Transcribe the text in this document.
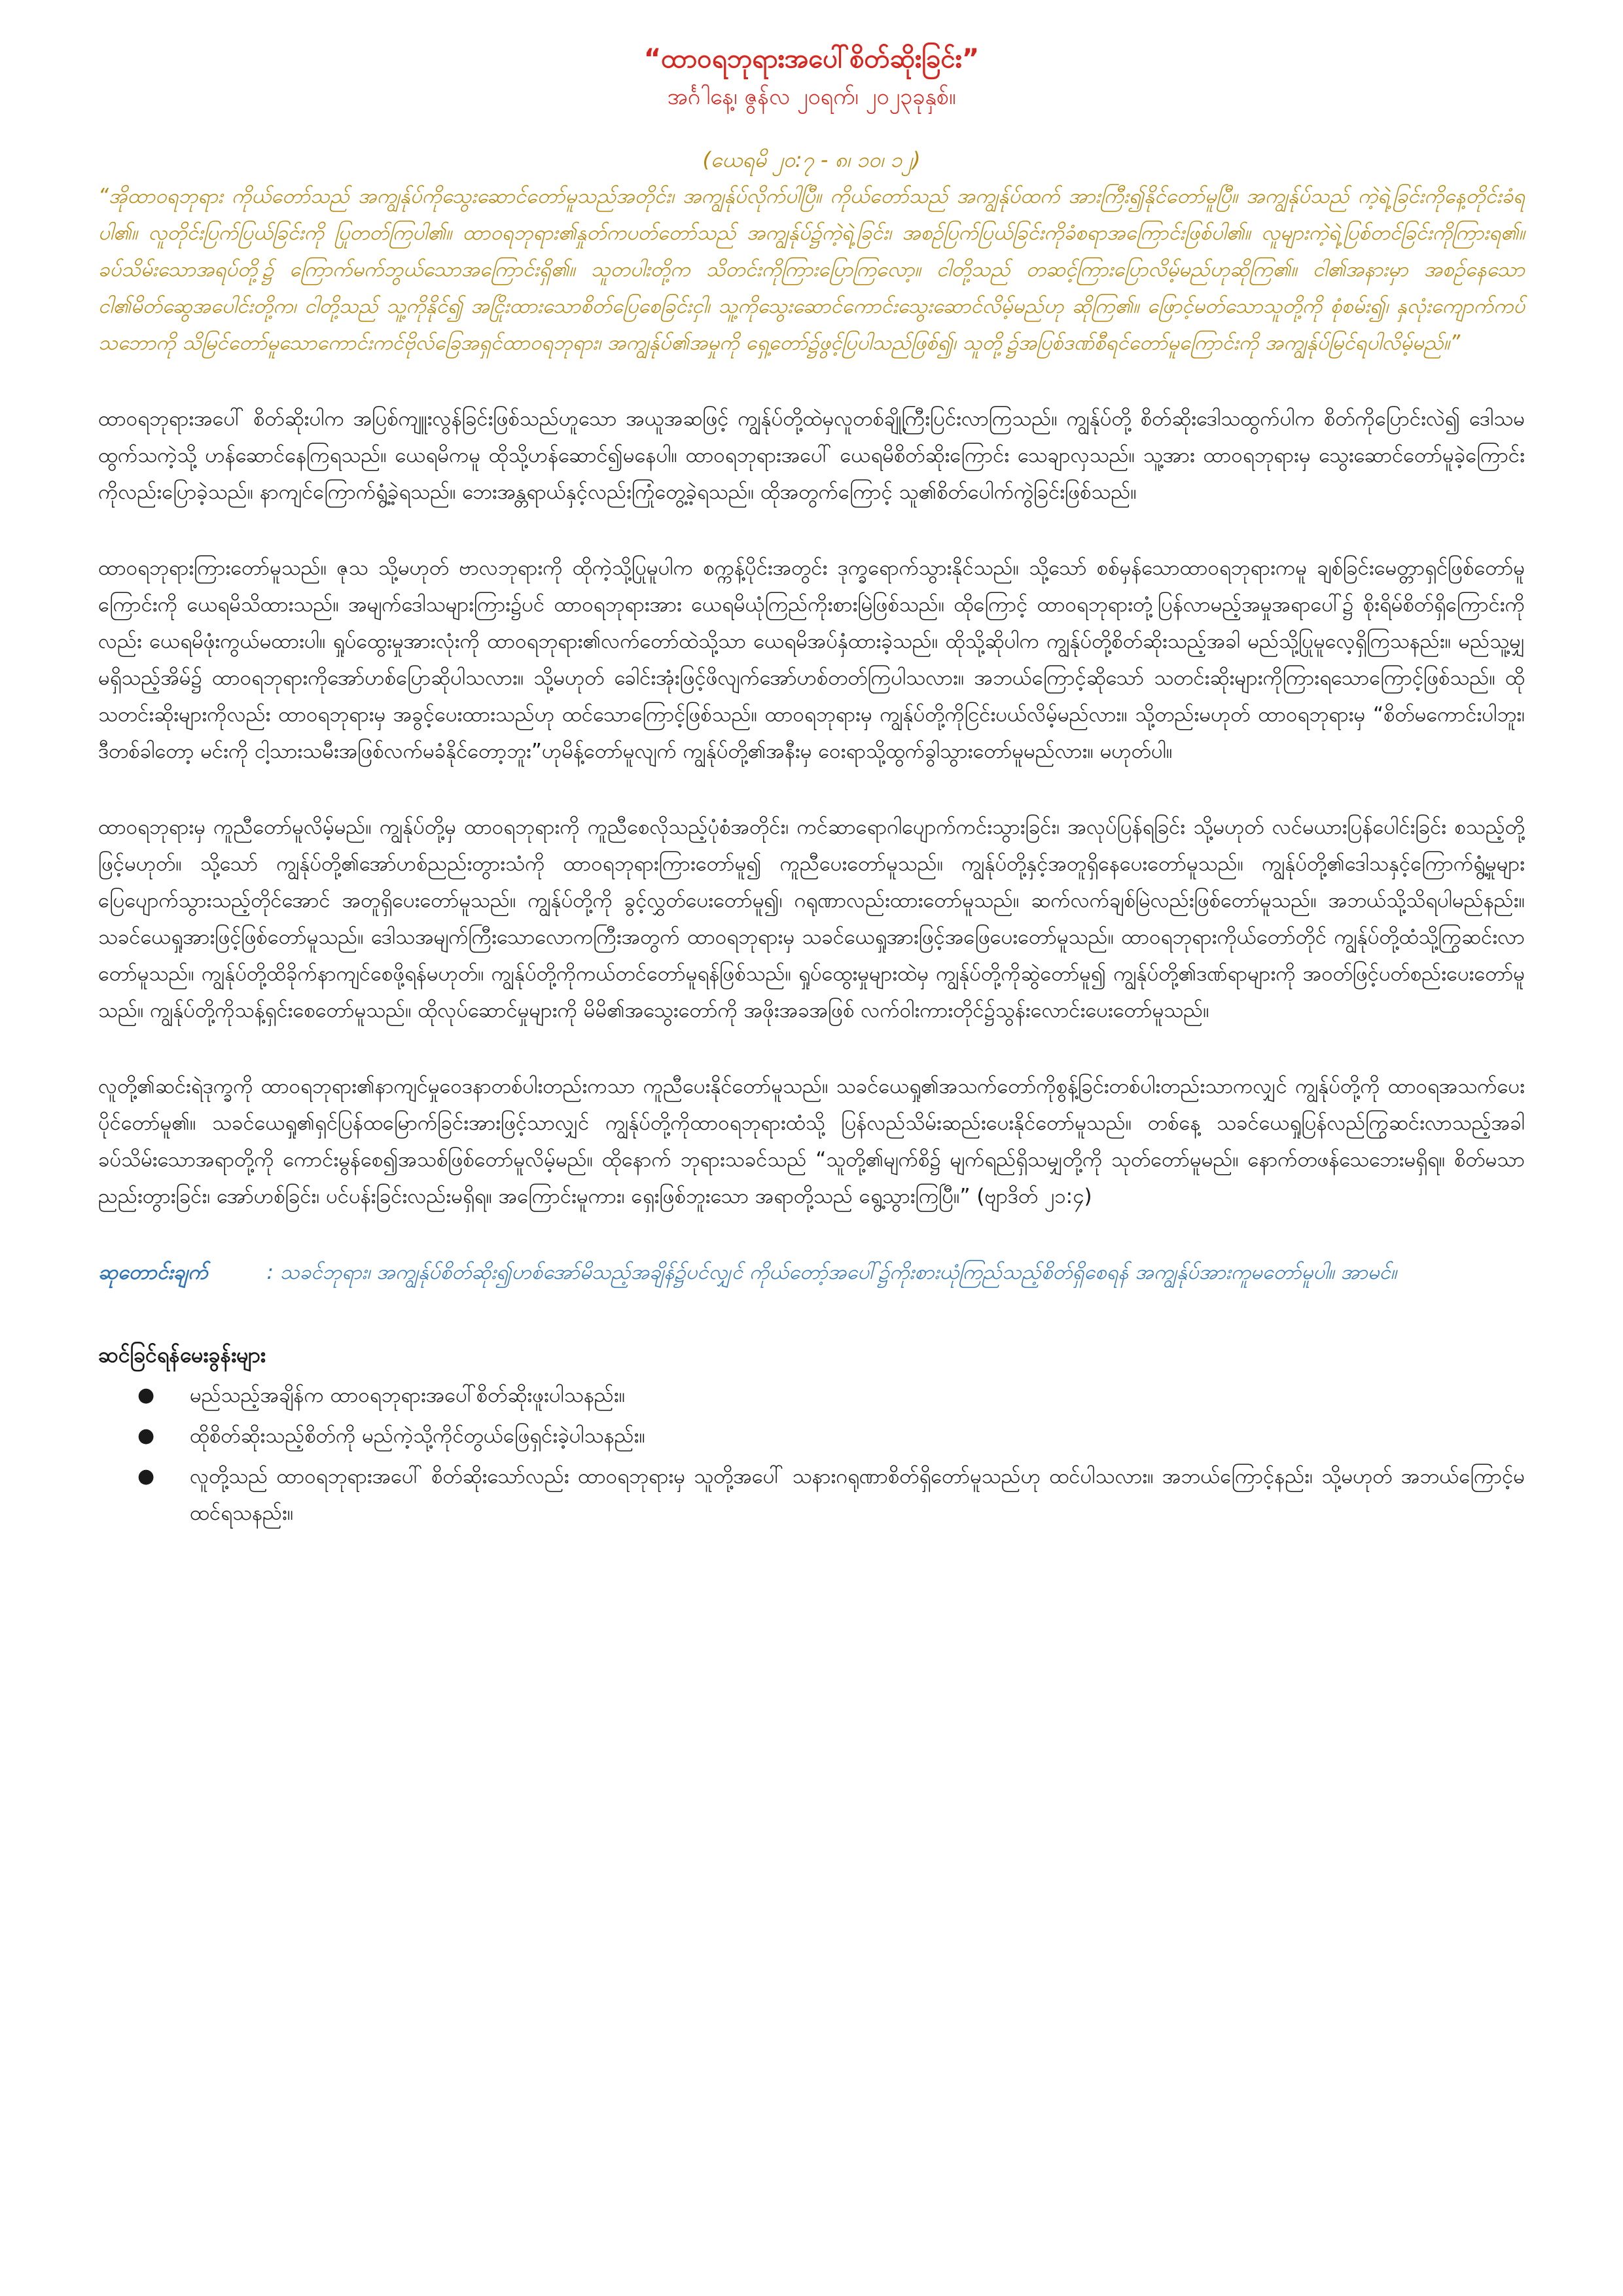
“ထာဝရဘုရားအပေါ်စိတ်ဆိုးခြင်း”

အင်္ဂါနေ့၊ ဇွန်လ ၂၀ရက်၊ ၂၀၂၃ခုနှစ်။

(ယေရမိ ၂၀:၇ - ၈၊ ၁၀၊ ၁၂)

“အိုထာဝရဘုရား ကိုယ်တော်သည် အကျွန်ုပ်ကိုသွေးဆောင်တော်မူသည်အတိုင်း၊ အကျွန်ုပ်လိုက်ပါပြီ။ ကိုယ်တော်သည် အကျွန်ုပ်ထက် အားကြီး၍နိုင်တော်မူပြီ။ အကျွန်ုပ်သည် ကဲ့ရဲ့ခြင်းကိုနေ့တိုင်းခံရပါ၏။ လူတိုင်းပြက်ပြယ်ခြင်းကို ပြုတတ်ကြပါ၏။ ထာဝရဘုရား၏နှုတ်ကပတ်တော်သည် အကျွန်ုပ်၌ကဲ့ရဲ့ခြင်း၊ အစဉ်ပြက်ပြယ်ခြင်းကိုခံစရာအကြောင်းဖြစ်ပါ၏။ လူများကဲ့ရဲ့ပြစ်တင်ခြင်းကိုကြားရ၏။ ခပ်သိမ်းသောအရပ်တို့၌ ကြောက်မက်ဘွယ်သောအကြောင်းရှိ၏။ သူတပါးတို့က သိတင်းကိုကြားပြောကြလော့။ ငါတို့သည် တဆင့်ကြားပြောလိမ့်မည်ဟုဆိုကြ၏။ ငါ၏အနားမှာ အစဉ်နေသောငါ၏မိတ်ဆွေအပေါင်းတို့က၊ ငါတို့သည် သူ့ကိုနိုင်၍ အငြိုးထားသောစိတ်ပြေစေခြင်းငှါ၊ သူ့ကိုသွေးဆောင်ကောင်းသွေးဆောင်လိမ့်မည်ဟု ဆိုကြ၏။ ဖြောင့်မတ်သောသူတို့ကို စုံစမ်း၍၊ နှလုံးကျောက်ကပ်သဘောကို သိမြင်တော်မူသောကောင်းကင်ဗိုလ်ခြေအရှင်ထာဝရဘုရား၊ အကျွန်ုပ်၏အမှုကို ရှေ့တော်၌ဖွင့်ပြပါသည်ဖြစ်၍၊ သူတို့၌အပြစ်ဒဏ်စီရင်တော်မူကြောင်းကို အကျွန်ုပ်မြင်ရပါလိမ့်မည်။”

ထာဝရဘုရားအပေါ် စိတ်ဆိုးပါက အပြစ်ကျူးလွန်ခြင်းဖြစ်သည်ဟူသော အယူအဆဖြင့် ကျွန်ုပ်တို့ထဲမှလူတစ်ချို့ကြီးပြင်းလာကြသည်။ ကျွန်ုပ်တို့ စိတ်ဆိုးဒေါသထွက်ပါက စိတ်ကိုပြောင်းလဲ၍ ဒေါသမထွက်သကဲ့သို့ ဟန်ဆောင်နေကြရသည်။ ယေရမိကမူ ထိုသို့ဟန်ဆောင်၍မနေပါ။ ထာဝရဘုရားအပေါ် ယေရမိစိတ်ဆိုးကြောင်း သေချာလှသည်။ သူ့အား ထာဝရဘုရားမှ သွေးဆောင်တော်မူခဲ့ကြောင်းကိုလည်းပြောခဲ့သည်။ နာကျင်ကြောက်ရွံ့ခဲ့ရသည်။ ဘေးအန္တရာယ်နှင့်လည်းကြုံတွေ့ခဲ့ရသည်။ ထိုအတွက်ကြောင့် သူ၏စိတ်ပေါက်ကွဲခြင်းဖြစ်သည်။

ထာဝရဘုရားကြားတော်မူသည်။ ဇုသ သို့မဟုတ် ဗာလဘုရားကို ထိုကဲ့သို့ပြုမူပါက စက္ကန့်ပိုင်းအတွင်း ဒုက္ခရောက်သွားနိုင်သည်။ သို့သော် စစ်မှန်သောထာဝရဘုရားကမူ ချစ်ခြင်းမေတ္တာရှင်ဖြစ်တော်မူကြောင်းကို ယေရမိသိထားသည်။ အမျက်ဒေါသများကြား၌ပင် ထာဝရဘုရားအား ယေရမိယုံကြည်ကိုးစားမြဲဖြစ်သည်။ ထိုကြောင့် ထာဝရဘုရားတုံ့ပြန်လာမည့်အမှုအရာပေါ်၌ စိုးရိမ်စိတ်ရှိကြောင်းကိုလည်း ယေရမိဖုံးကွယ်မထားပါ။ ရှုပ်ထွေးမှုအားလုံးကို ထာဝရဘုရား၏လက်တော်ထဲသို့သာ ယေရမိအပ်နှံထားခဲ့သည်။ ထိုသို့ဆိုပါက ကျွန်ုပ်တို့စိတ်ဆိုးသည့်အခါ မည်သို့ပြုမူလေ့ရှိကြသနည်း။ မည်သူ့မျှမရှိသည့်အိမ်၌ ထာဝရဘုရားကိုအော်ဟစ်ပြောဆိုပါသလား။ သို့မဟုတ် ခေါင်းအုံးဖြင့်ဖိလျက်အော်ဟစ်တတ်ကြပါသလား။ အဘယ်ကြောင့်ဆိုသော် သတင်းဆိုးများကိုကြားရသောကြောင့်ဖြစ်သည်။ ထိုသတင်းဆိုးများကိုလည်း ထာဝရဘုရားမှ အခွင့်ပေးထားသည်ဟု ထင်သောကြောင့်ဖြစ်သည်။ ထာဝရဘုရားမှ ကျွန်ုပ်တို့ကိုငြင်းပယ်လိမ့်မည်လား။ သို့တည်းမဟုတ် ထာဝရဘုရားမှ “စိတ်မကောင်းပါဘူး၊ ဒီတစ်ခါတော့ မင်းကို ငါ့သားသမီးအဖြစ်လက်မခံနိုင်တော့ဘူး”ဟုမိန့်တော်မူလျက် ကျွန်ုပ်တို့၏အနီးမှ ဝေးရာသို့ထွက်ခွါသွားတော်မူမည်လား။ မဟုတ်ပါ။

ထာဝရဘုရားမှ ကူညီတော်မူလိမ့်မည်။ ကျွန်ုပ်တို့မှ ထာဝရဘုရားကို ကူညီစေလိုသည့်ပုံစံအတိုင်း၊ ကင်ဆာရောဂါပျောက်ကင်းသွားခြင်း၊ အလုပ်ပြန်ရခြင်း သို့မဟုတ် လင်မယားပြန်ပေါင်းခြင်း စသည့်တို့ဖြင့်မဟုတ်။ သို့သော် ကျွန်ုပ်တို့၏အော်ဟစ်ညည်းတွားသံကို ထာဝရဘုရားကြားတော်မူ၍ ကူညီပေးတော်မူသည်။ ကျွန်ုပ်တို့နှင့်အတူရှိနေပေးတော်မူသည်။ ကျွန်ုပ်တို့၏ဒေါသနှင့်ကြောက်ရွံ့မှုများပြေပျောက်သွားသည့်တိုင်အောင် အတူရှိပေးတော်မူသည်။ ကျွန်ုပ်တို့ကို ခွင့်လွှတ်ပေးတော်မူ၍၊ ဂရုဏာလည်းထားတော်မူသည်။ ဆက်လက်ချစ်မြဲလည်းဖြစ်တော်မူသည်။ အဘယ်သို့သိရပါမည်နည်း။ သခင်ယေရှုအားဖြင့်ဖြစ်တော်မူသည်။ ဒေါသအမျက်ကြီးသောလောကကြီးအတွက် ထာဝရဘုရားမှ သခင်ယေရှုအားဖြင့်အဖြေပေးတော်မူသည်။ ထာဝရဘုရားကိုယ်တော်တိုင် ကျွန်ုပ်တို့ထံသို့ကြွဆင်းလာတော်မူသည်။ ကျွန်ုပ်တို့ထိခိုက်နာကျင်စေဖို့ရန်မဟုတ်။ ကျွန်ုပ်တို့ကိုကယ်တင်တော်မူရန်ဖြစ်သည်။ ရှုပ်ထွေးမှုများထဲမှ ကျွန်ုပ်တို့ကိုဆွဲတော်မူ၍ ကျွန်ုပ်တို့၏ဒဏ်ရာများကို အဝတ်ဖြင့်ပတ်စည်းပေးတော်မူသည်။ ကျွန်ုပ်တို့ကိုသန့်ရှင်းစေတော်မူသည်။ ထိုလုပ်ဆောင်မှုများကို မိမိ၏အသွေးတော်ကို အဖိုးအခအဖြစ် လက်ဝါးကားတိုင်၌သွန်းလောင်းပေးတော်မူသည်။

လူတို့၏ဆင်းရဲဒုက္ခကို ထာဝရဘုရား၏နာကျင်မှုဝေဒနာတစ်ပါးတည်းကသာ ကူညီပေးနိုင်တော်မူသည်။ သခင်ယေရှု၏အသက်တော်ကိုစွန့်ခြင်းတစ်ပါးတည်းသာကလျှင် ကျွန်ုပ်တို့ကို ထာဝရအသက်ပေးပိုင်တော်မူ၏။ သခင်ယေရှု၏ရှင်ပြန်ထမြောက်ခြင်းအားဖြင့်သာလျှင် ကျွန်ုပ်တို့ကိုထာဝရဘုရားထံသို့ ပြန်လည်သိမ်းဆည်းပေးနိုင်တော်မူသည်။ တစ်နေ့ သခင်ယေရှုပြန်လည်ကြွဆင်းလာသည့်အခါ ခပ်သိမ်းသောအရာတို့ကို ကောင်းမွန်စေ၍အသစ်ဖြစ်တော်မူလိမ့်မည်။ ထိုနောက် ဘုရားသခင်သည် “သူတို့၏မျက်စိ၌ မျက်ရည်ရှိသမျှတို့ကို သုတ်တော်မူမည်။ နောက်တဖန်သေဘေးမရှိရ။ စိတ်မသာညည်းတွားခြင်း၊ အော်ဟစ်ခြင်း၊ ပင်ပန်းခြင်းလည်းမရှိရ။ အကြောင်းမူကား၊ ရှေးဖြစ်ဘူးသော အရာတို့သည် ရွေ့သွားကြပြီ။” (ဗျာဒိတ် ၂၁:၄)

ဆုတောင်းချက်	: သခင်ဘုရား၊ အကျွန်ုပ်စိတ်ဆိုး၍ဟစ်အော်မိသည့်အချိန်၌ပင်လျှင် ကိုယ်တော့်အပေါ်၌ကိုးစားယုံကြည်သည့်စိတ်ရှိစေရန် အကျွန်ုပ်အားကူမတော်မူပါ။ အာမင်။

ဆင်ခြင်ရန်မေးခွန်းများ

● မည်သည့်အချိန်က ထာဝရဘုရားအပေါ်စိတ်ဆိုးဖူးပါသနည်း။
● ထိုစိတ်ဆိုးသည့်စိတ်ကို မည်ကဲ့သို့ကိုင်တွယ်ဖြေရှင်းခဲ့ပါသနည်း။
● လူတို့သည် ထာဝရဘုရားအပေါ် စိတ်ဆိုးသော်လည်း ထာဝရဘုရားမှ သူတို့အပေါ် သနားဂရုဏာစိတ်ရှိတော်မူသည်ဟု ထင်ပါသလား။ အဘယ်ကြောင့်နည်း၊ သို့မဟုတ် အဘယ်ကြောင့်မထင်ရသနည်း။
